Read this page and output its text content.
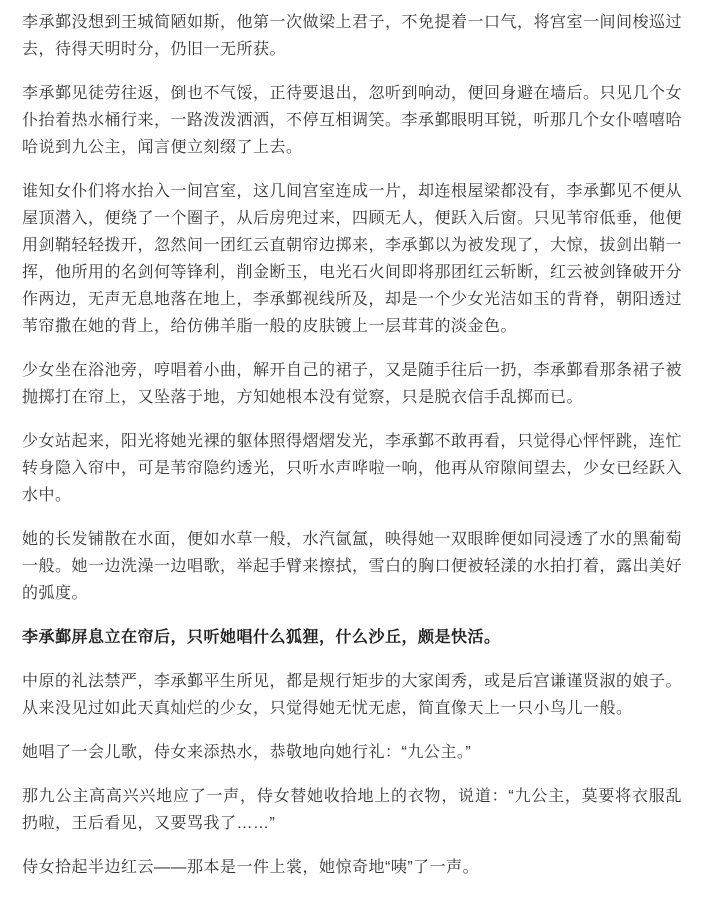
李承鄞没想到王城简陋如斯，他第一次做梁上君子，不免提着一口气，将宫室一间间梭巡过去，待得天明时分，仍旧一无所获。

李承鄞见徒劳往返，倒也不气馁，正待要退出，忽听到响动，便回身避在墙后。只见几个女仆抬着热水桶行来，一路泼泼洒洒，不停互相调笑。李承鄞眼明耳锐，听那几个女仆嘻嘻哈哈说到九公主，闻言便立刻缀了上去。

谁知女仆们将水抬入一间宫室，这几间宫室连成一片，却连根屋梁都没有，李承鄞见不便从屋顶潜入，便绕了一个圈子，从后房兜过来，四顾无人，便跃入后窗。只见苇帘低垂，他便用剑鞘轻轻拨开，忽然间一团红云直朝帘边掷来，李承鄞以为被发现了，大惊，拔剑出鞘一挥，他所用的名剑何等锋利，削金断玉，电光石火间即将那团红云斩断，红云被剑锋破开分作两边，无声无息地落在地上，李承鄞视线所及，却是一个少女光洁如玉的背脊，朝阳透过苇帘撒在她的背上，给仿佛羊脂一般的皮肤镀上一层茸茸的淡金色。

少女坐在浴池旁，哼唱着小曲，解开自己的裙子，又是随手往后一扔，李承鄞看那条裙子被抛掷打在帘上，又坠落于地，方知她根本没有觉察，只是脱衣信手乱掷而已。

少女站起来，阳光将她光裸的躯体照得熠熠发光，李承鄞不敢再看，只觉得心怦怦跳，连忙转身隐入帘中，可是苇帘隐约透光，只听水声哗啦一响，他再从帘隙间望去，少女已经跃入水中。

她的长发铺散在水面，便如水草一般，水汽氤氲，映得她一双眼眸便如同浸透了水的黑葡萄一般。她一边洗澡一边唱歌，举起手臂来擦拭，雪白的胸口便被轻漾的水拍打着，露出美好的弧度。

李承鄞屏息立在帘后，只听她唱什么狐狸，什么沙丘，颇是快活。

中原的礼法禁严，李承鄞平生所见，都是规行矩步的大家闺秀，或是后宫谦谨贤淑的娘子。从来没见过如此天真灿烂的少女，只觉得她无忧无虑，简直像天上一只小鸟儿一般。

她唱了一会儿歌，侍女来添热水，恭敬地向她行礼：“九公主。”

那九公主高高兴兴地应了一声，侍女替她收拾地上的衣物，说道：“九公主，莫要将衣服乱扔啦，王后看见，又要骂我了……”

侍女拾起半边红云——那本是一件上裳，她惊奇地“咦”了一声。
